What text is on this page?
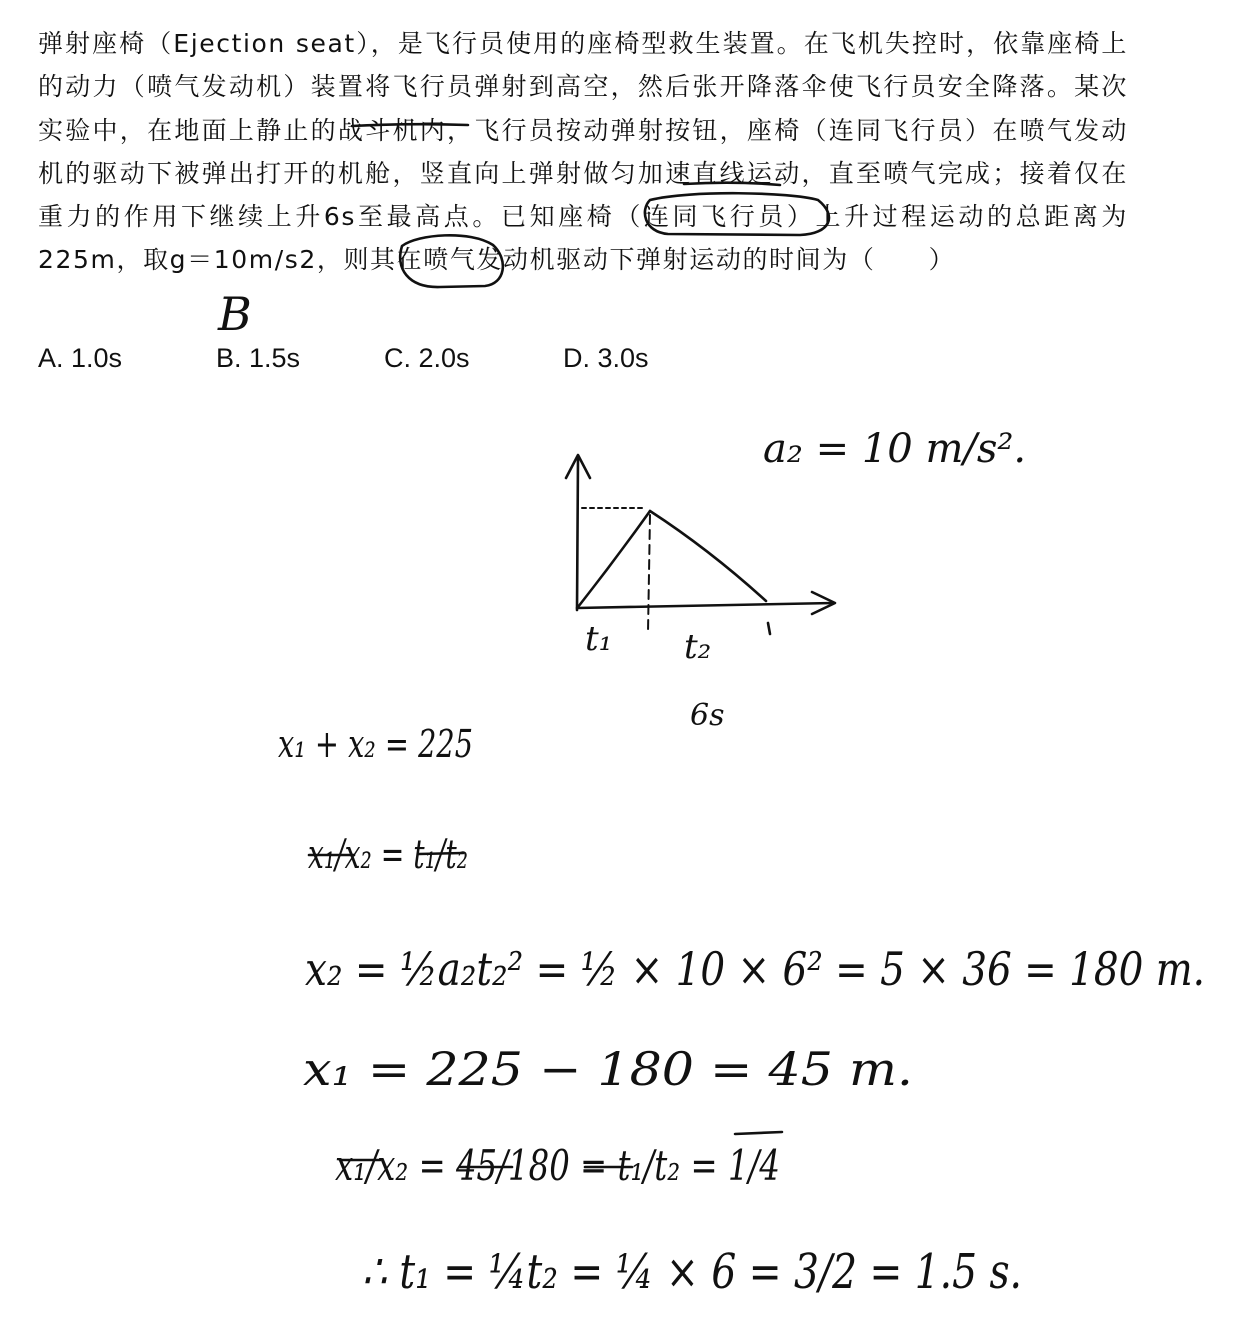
弹射座椅（Ejection seat），是飞行员使用的座椅型救生装置。在飞机失控时，依靠座椅上的动力（喷气发动机）装置将飞行员弹射到高空，然后张开降落伞使飞行员安全降落。某次实验中，在地面上静止的战斗机内，飞行员按动弹射按钮，座椅（连同飞行员）在喷气发动机的驱动下被弹出打开的机舱，竖直向上弹射做匀加速直线运动，直至喷气完成；接着仅在重力的作用下继续上升6s至最高点。已知座椅（连同飞行员）上升过程运动的总距离为225m，取g＝10m/s2，则其在喷气发动机驱动下弹射运动的时间为（　　）

A. 1.0s	B. 1.5s	C. 2.0s	D. 3.0s
B
a₂ = 10 m/s².
t₁ t₂
6s
x₁ + x₂ = 225
x₁/x₂ = t₁/t₂
x₂ = ½a₂t₂² = ½ × 10 × 6² = 5 × 36 = 180 m.
x₁ = 225 − 180 = 45 m.
x₁/x₂ = 45/180 = t₁/t₂ = 1/4
∴ t₁ = ¼t₂ = ¼ × 6 = 3/2 = 1.5 s.
